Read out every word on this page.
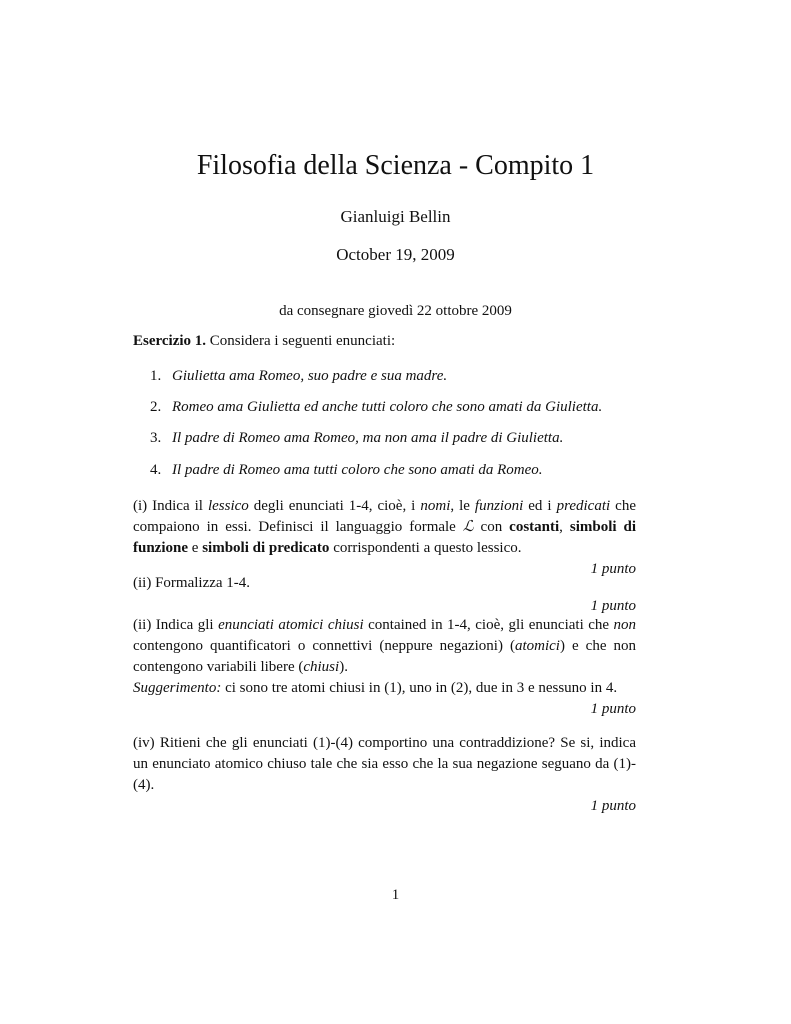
Filosofia della Scienza - Compito 1
Gianluigi Bellin
October 19, 2009
da consegnare giovedì 22 ottobre 2009
Esercizio 1. Considera i seguenti enunciati:
1. Giulietta ama Romeo, suo padre e sua madre.
2. Romeo ama Giulietta ed anche tutti coloro che sono amati da Giulietta.
3. Il padre di Romeo ama Romeo, ma non ama il padre di Giulietta.
4. Il padre di Romeo ama tutti coloro che sono amati da Romeo.
(i) Indica il lessico degli enunciati 1-4, cioè, i nomi, le funzioni ed i predicati che compaiono in essi. Definisci il languaggio formale ℒ con costanti, simboli di funzione e simboli di predicato corrispondenti a questo lessico.
1 punto
(ii) Formalizza 1-4.
1 punto
(ii) Indica gli enunciati atomici chiusi contained in 1-4, cioè, gli enunciati che non contengono quantificatori o connettivi (neppure negazioni) (atomici) e che non contengono variabili libere (chiusi).
Suggerimento: ci sono tre atomi chiusi in (1), uno in (2), due in 3 e nessuno in 4.
1 punto
(iv) Ritieni che gli enunciati (1)-(4) comportino una contraddizione? Se si, indica un enunciato atomico chiuso tale che sia esso che la sua negazione seguano da (1)-(4).
1 punto
1
